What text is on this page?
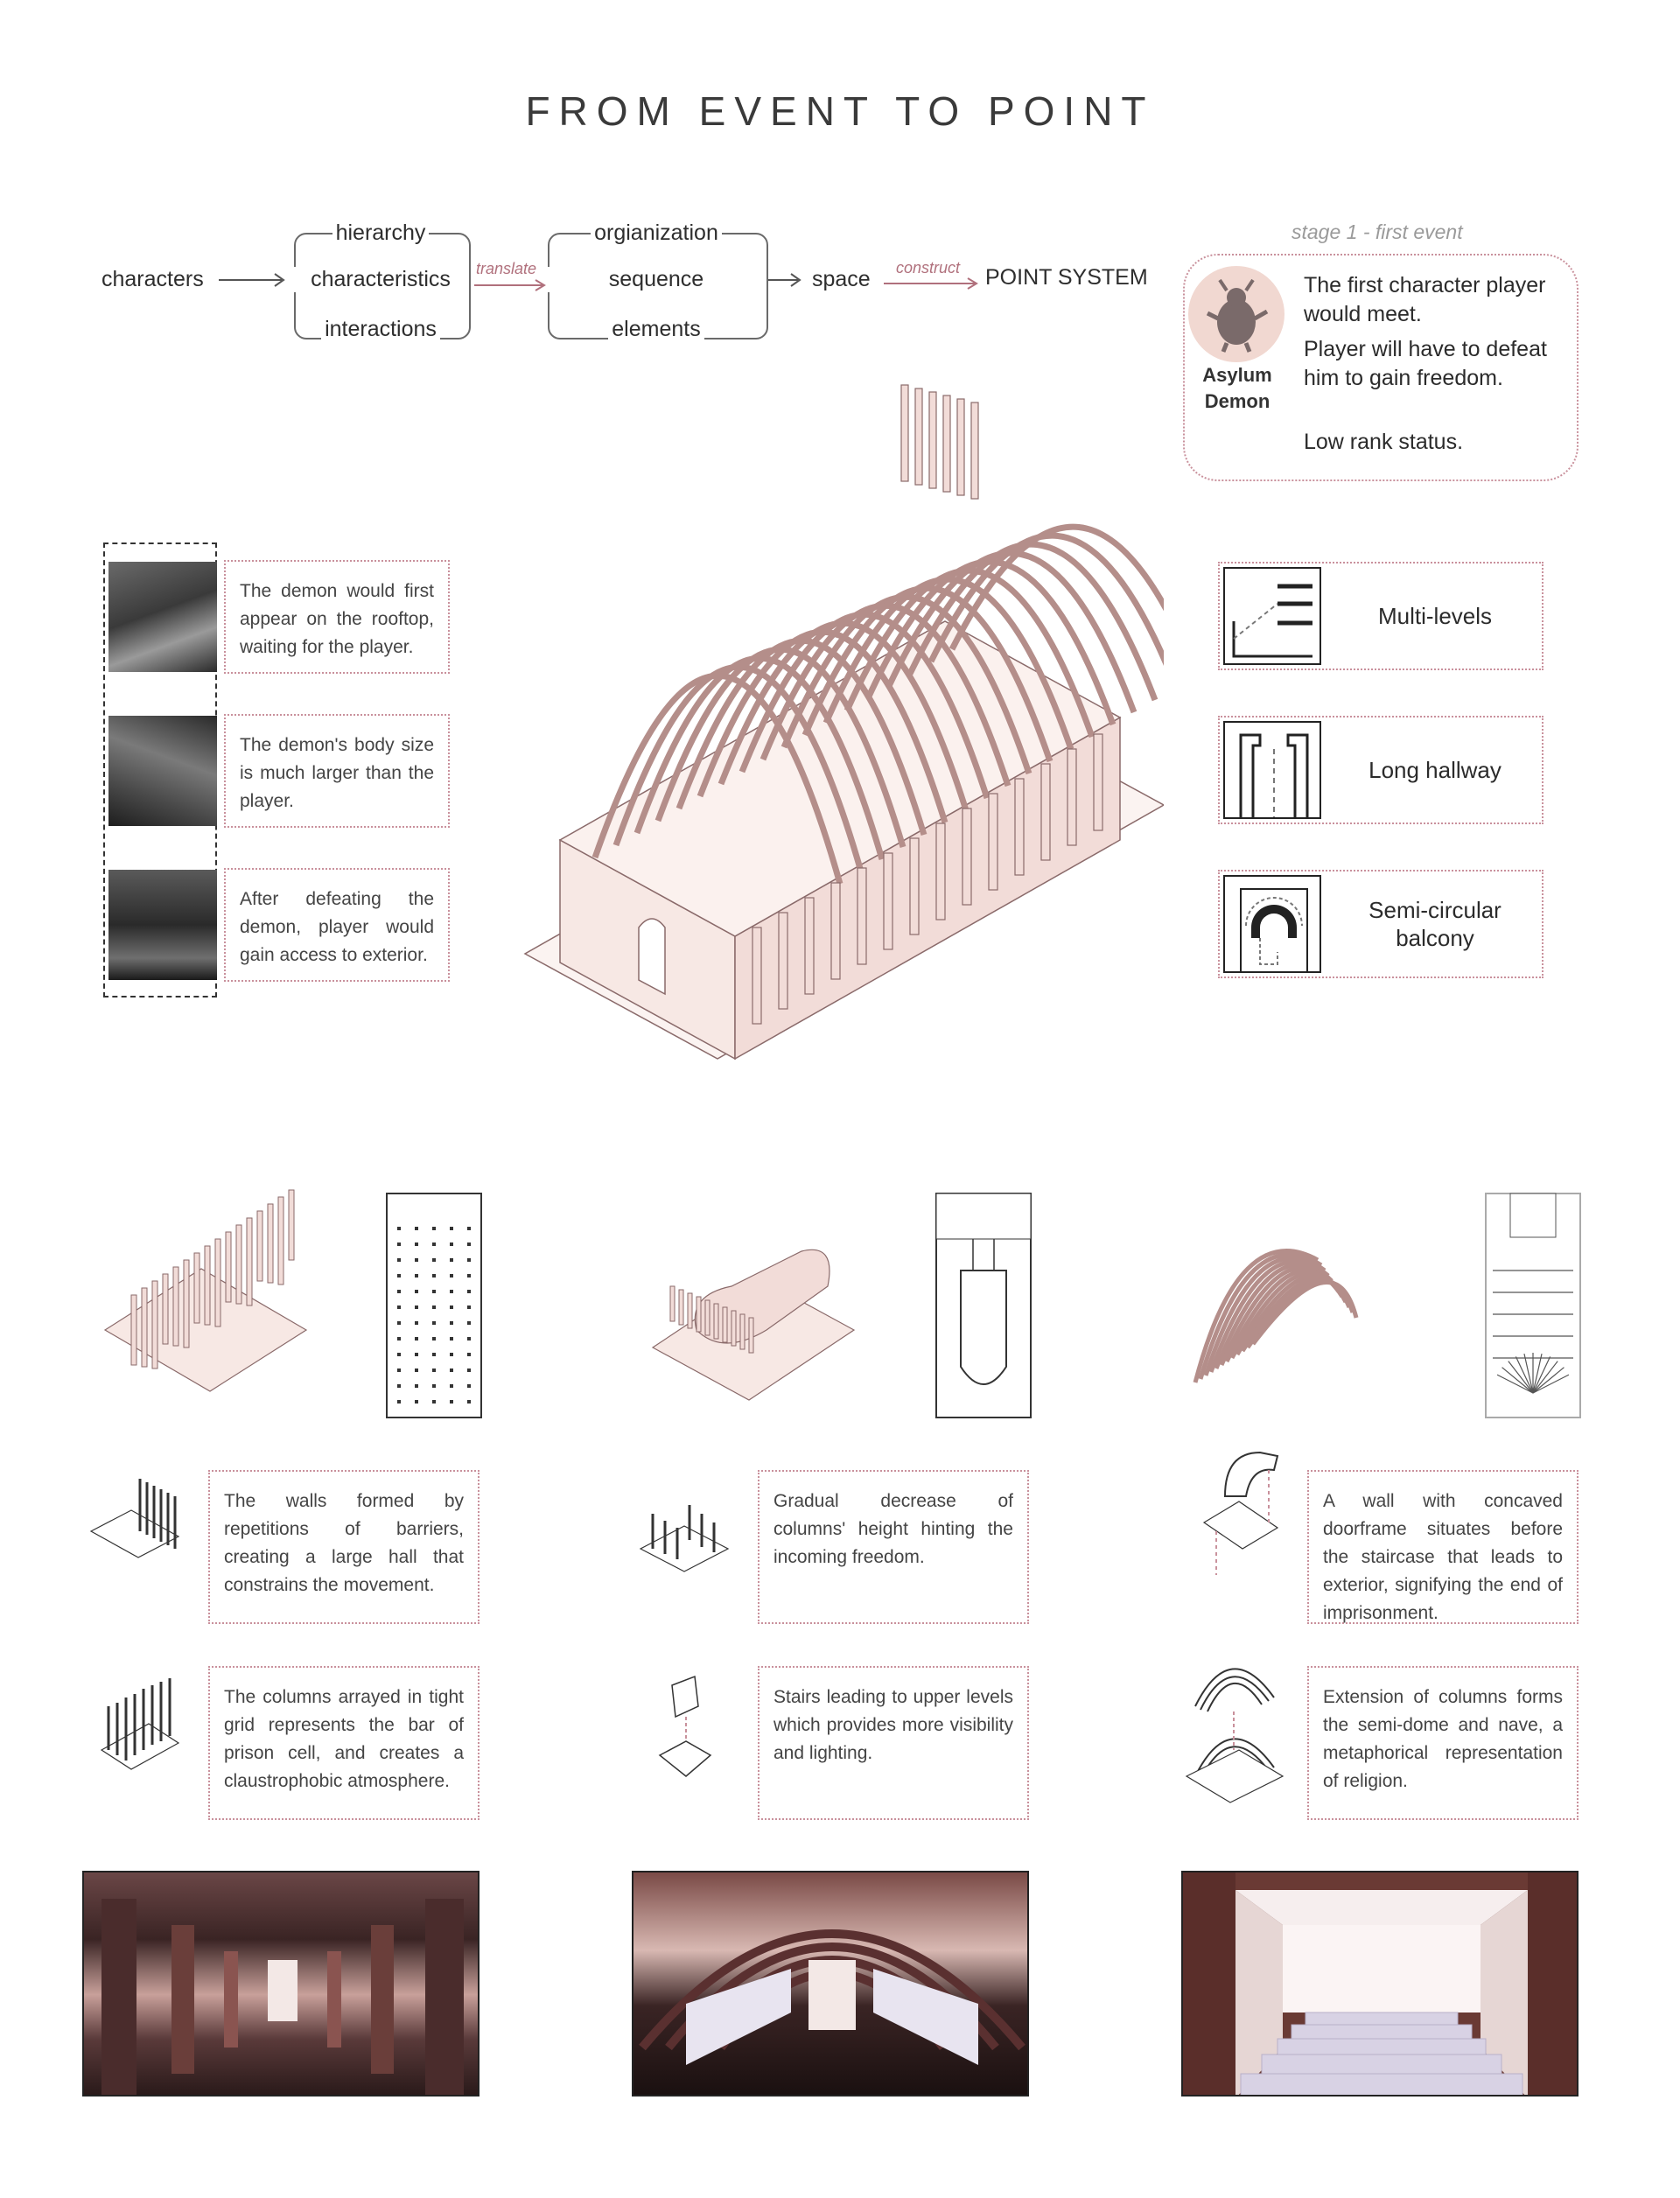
FROM EVENT TO POINT
characters
hierarchy
characteristics
interactions
translate
orgianization
sequence
elements
space construct POINT SYSTEM
stage 1 - first event
Asylum Demon
The first character player would meet.
Player will have to defeat him to gain freedom.
Low rank status.
The demon would first appear on the rooftop, waiting for the player.
The demon's body size is much larger than the player.
After defeating the demon, player would gain access to exterior.
Multi-levels
Long hallway
Semi-circular balcony
The walls formed by repetitions of barriers, creating a large hall that constrains the movement.
Gradual decrease of columns' height hinting the incoming freedom.
A wall with concaved doorframe situates before the staircase that leads to exterior, signifying the end of imprisonment.
The columns arrayed in tight grid represents the bar of prison cell, and creates a claustrophobic atmosphere.
Stairs leading to upper levels which provides more visibility and lighting.
Extension of columns forms the semi-dome and nave, a metaphorical representation of religion.
